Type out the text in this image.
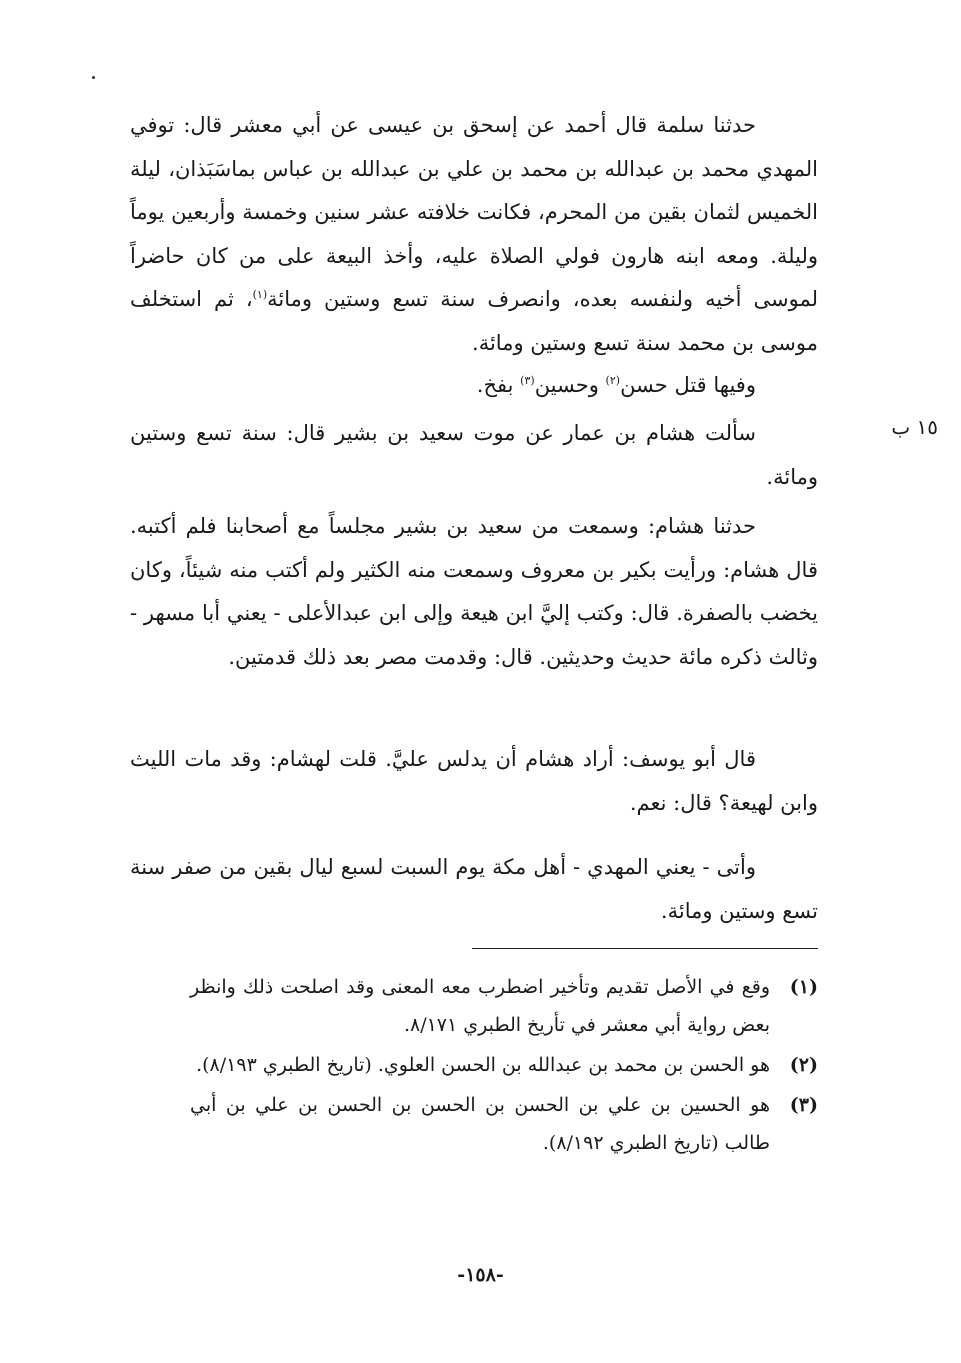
حدثنا سلمة قال أحمد عن إسحق بن عيسى عن أبي معشر قال: توفي المهدي محمد بن عبدالله بن محمد بن علي بن عبدالله بن عباس بماسَبَذان، ليلة الخميس لثمان بقين من المحرم، فكانت خلافته عشر سنين وخمسة وأربعين يوماً وليلة. ومعه ابنه هارون فولي الصلاة عليه، وأخذ البيعة على من كان حاضراً لموسى أخيه ولنفسه بعده، وانصرف سنة تسع وستين ومائة$^{(١)}$، ثم استخلف موسى بن محمد سنة تسع وستين ومائة.

وفيها قتل حسن$^{(٢)}$ وحسين$^{(٣)}$ بفخ.

١٥ ب

سألت هشام بن عمار عن موت سعيد بن بشير قال: سنة تسع وستين ومائة.

حدثنا هشام: وسمعت من سعيد بن بشير مجلساً مع أصحابنا فلم أكتبه. قال هشام: ورأيت بكير بن معروف وسمعت منه الكثير ولم أكتب منه شيئاً، وكان يخضب بالصفرة. قال: وكتب إليَّ ابن هيعة وإلى ابن عبدالأعلى - يعني أبا مسهر - وثالث ذكره مائة حديث وحديثين. قال: وقدمت مصر بعد ذلك قدمتين.

قال أبو يوسف: أراد هشام أن يدلس عليَّ. قلت لهشام: وقد مات الليث وابن لهيعة؟ قال: نعم.

وأتى - يعني المهدي - أهل مكة يوم السبت لسبع ليال بقين من صفر سنة تسع وستين ومائة.

(١)
وقع في الأصل تقديم وتأخير اضطرب معه المعنى وقد اصلحت ذلك وانظر بعض رواية أبي معشر في تأريخ الطبري ٨/١٧١.
(٢)
هو الحسن بن محمد بن عبدالله بن الحسن العلوي. (تاريخ الطبري ٨/١٩٣).
(٣)
هو الحسين بن علي بن الحسن بن الحسن بن الحسن بن علي بن أبي طالب (تاريخ الطبري ٨/١٩٢).
-١٥٨-
